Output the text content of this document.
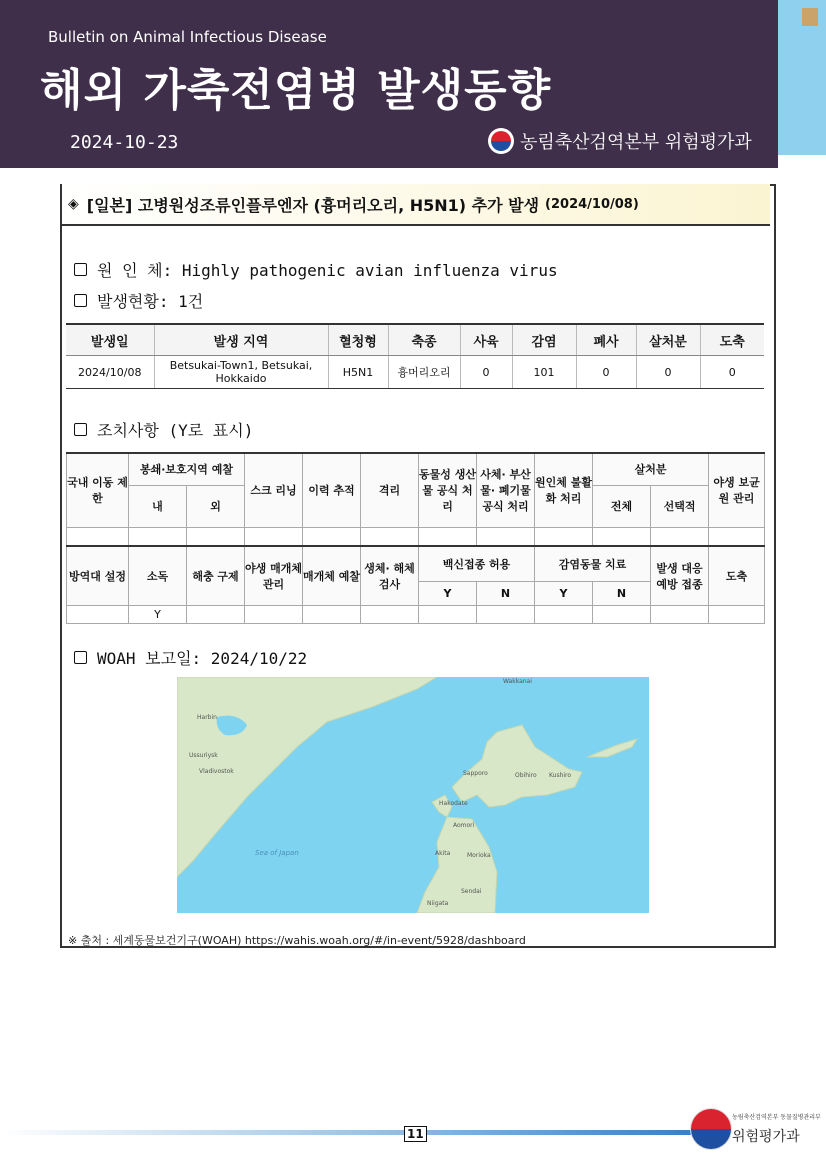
Bulletin on Animal Infectious Disease
해외 가축전염병 발생동향
2024-10-23	농림축산검역본부 위험평가과
◈ [일본] 고병원성조류인플루엔자 (흉머리오리, H5N1) 추가 발생 (2024/10/08)
원 인 체: Highly pathogenic avian influenza virus
발생현황: 1건
발생일	발생 지역	혈청형	축종	사육	감염	폐사	살처분	도축
2024/10/08	Betsukai-Town1, Betsukai, Hokkaido	H5N1	흉머리오리	0	101	0	0	0
조치사항 (Y로 표시)
국내 이동 제한	봉쇄·보호지역 예찰		스크 리닝	이력 추적	격리	동물성 생산물 공식 처리	사체· 부산물· 폐기물 공식 처리	원인체 불활화 처리	살처분		야생 보균원 관리
	내	외							전체	선택적	

방역대 설정	소독	해충 구제	야생 매개체 관리	매개체 예찰	생체· 해체 검사	백신접종 허용		감염동물 치료		발생 대응 예방 접종	도축
						Y	N	Y	N		
	Y										
WOAH 보고일: 2024/10/22
Vladivostok
Harbin
Sapporo
Hakodate
Aomori
Sea of Japan
Kushiro
Obihiro
Wakkanai
Ussuriysk
Morioka
Akita
Sendai
Niigata
※ 출처 : 세계동물보건기구(WOAH) https://wahis.woah.org/#/in-event/5928/dashboard
11
농림축산검역본부 동물질병관리부
위험평가과
